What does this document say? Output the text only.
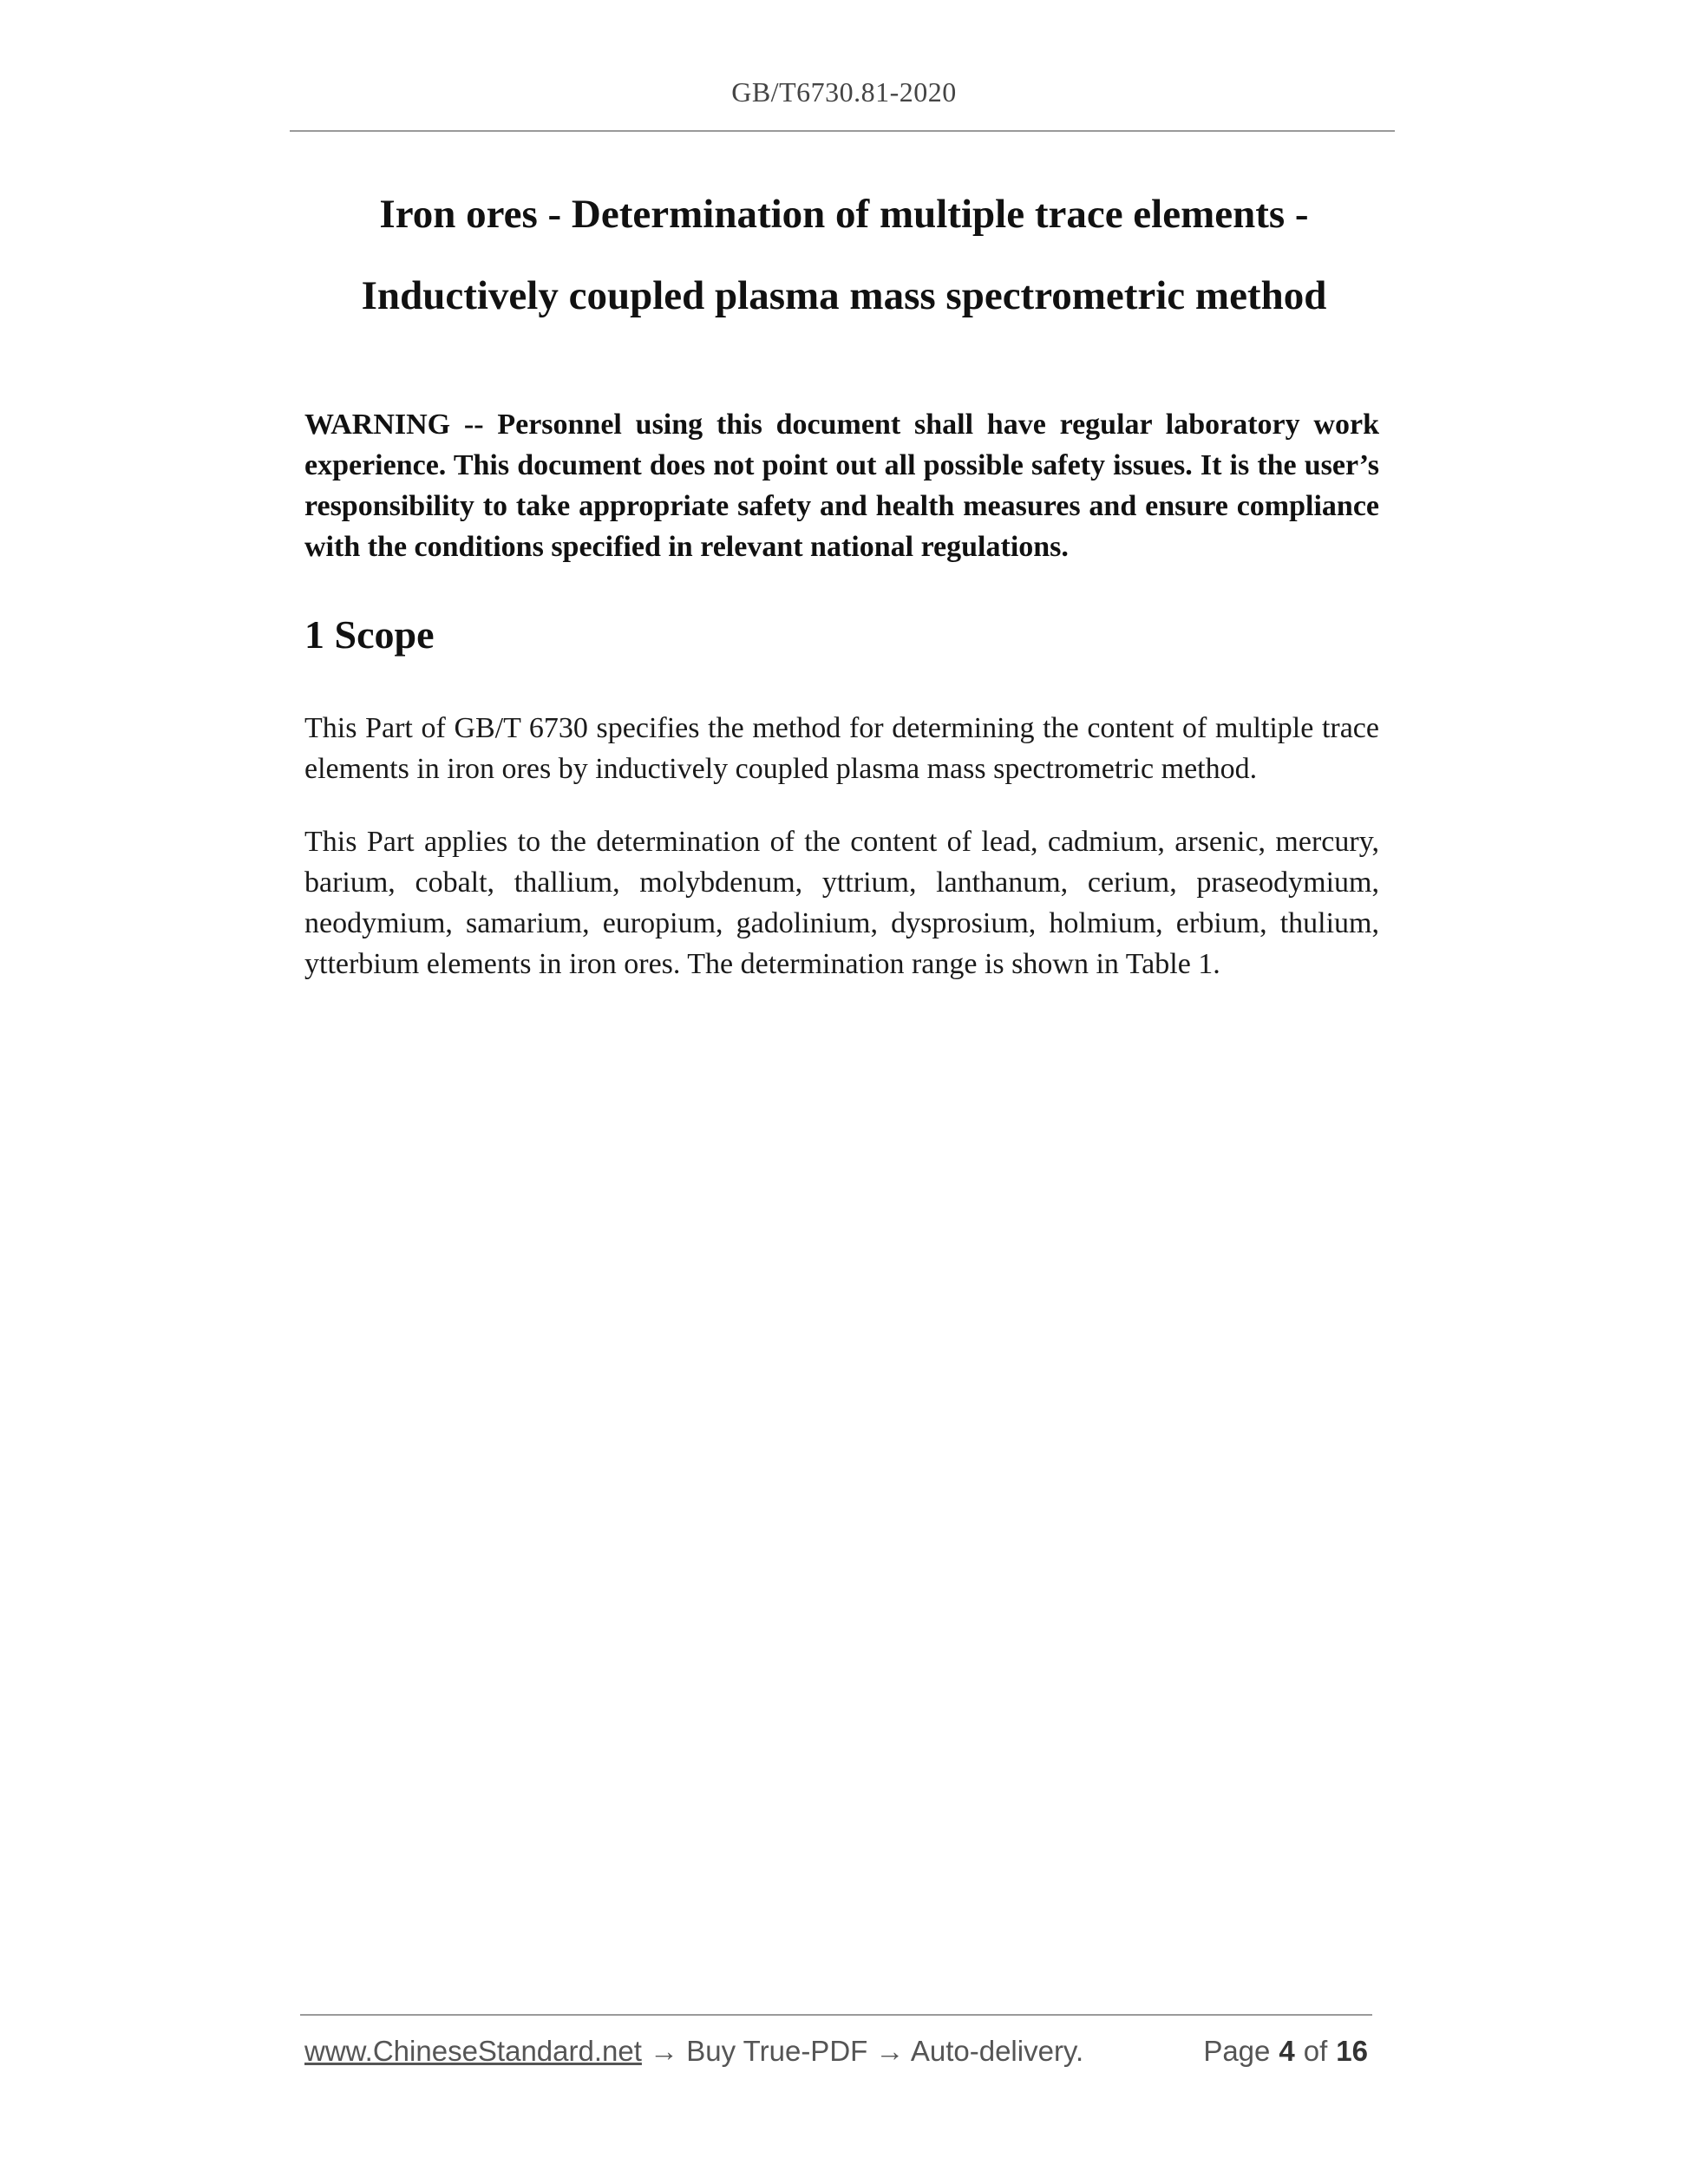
GB/T6730.81-2020
Iron ores - Determination of multiple trace elements -
Inductively coupled plasma mass spectrometric method
WARNING -- Personnel using this document shall have regular laboratory work experience. This document does not point out all possible safety issues. It is the user’s responsibility to take appropriate safety and health measures and ensure compliance with the conditions specified in relevant national regulations.
1 Scope
This Part of GB/T 6730 specifies the method for determining the content of multiple trace elements in iron ores by inductively coupled plasma mass spectrometric method.
This Part applies to the determination of the content of lead, cadmium, arsenic, mercury, barium, cobalt, thallium, molybdenum, yttrium, lanthanum, cerium, praseodymium, neodymium, samarium, europium, gadolinium, dysprosium, holmium, erbium, thulium, ytterbium elements in iron ores. The determination range is shown in Table 1.
www.ChineseStandard.net → Buy True-PDF → Auto-delivery.	Page 4 of 16
